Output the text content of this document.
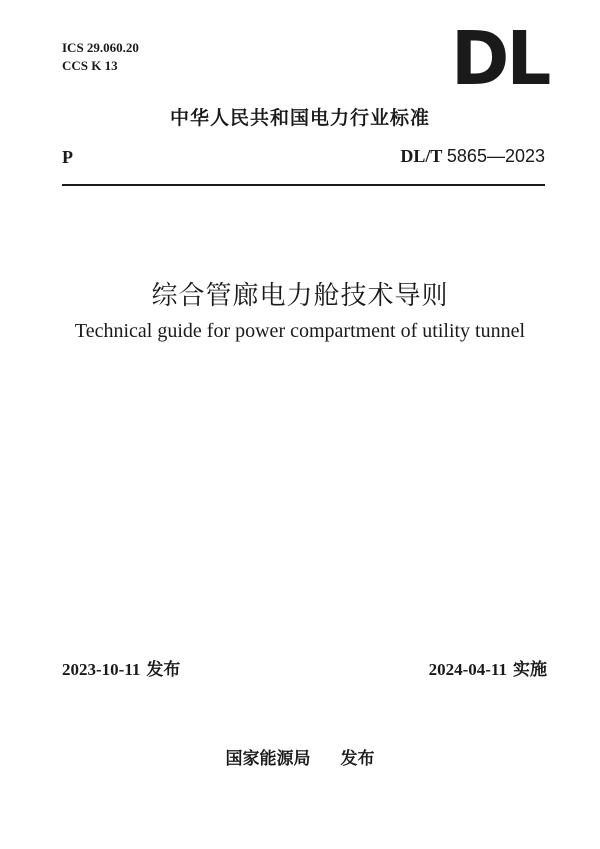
ICS 29.060.20
CCS K 13	DL
中华人民共和国电力行业标准
P	DL/T 5865—2023
综合管廊电力舱技术导则
Technical guide for power compartment of utility tunnel
2023-10-11 发布	2024-04-11 实施
国家能源局 发布
